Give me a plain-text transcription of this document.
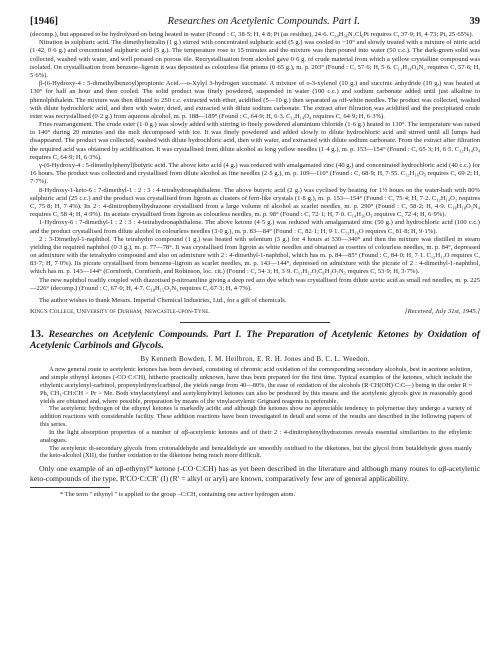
[1946]	Researches on Acetylenic Compounds. Part I.	39

(decomp.), but appeared to be hydrolysed on being heated in water (Found : C, 38·5; H, 4·8; Pt (as residue), 24·6. C₂₄H₃₆N₂Cl₆Pt requires C, 37·9; H, 4·73; Pt, 25·65%).

Nitration in sulphuric acid. The dimethyltetralin (1 g.) stirred with concentrated sulphuric acid (5 g.) was cooled to −10° and slowly treated with a mixture of nitric acid (1·42, 0·6 g.) and concentrated sulphuric acid (5 g.). The temperature rose to 15 minutes and the mixture was then poured into water (50 c.c.). The dark-green solid was collected, washed with water, and well pressed on porous tile. Recrystallisation from alcohol gave 0·6 g. of crude material from which a yellow crystalline compound was isolated. On crystallisation from benzene–ligroin it was deposited as colourless flat prisms (0·65 g.), m. p. 203° (Found : C, 57·6; H, 5·6. C₁₂H₁₄O₄N₂ requires C, 57·6; H, 5·6%).

β-(6-Hydroxy-4 : 5-dimethylbenzoyl)propionic Acid.—o-Xylyl 3-hydrogen succinate. A mixture of o-3-xylenol (10 g.) and succinic anhydride (10 g.) was heated at 130° for half an hour and then cooled. The solid product was finely powdered, suspended in water (100 c.c.) and sodium carbonate added until just alkaline to phenolphthalein. The mixture was then diluted to 250 c.c. extracted with ether, acidified (5—10 g.) then separated as off-white needles. The product was collected, washed with dilute hydrochloric acid, and then with water, dried, and extracted with dilute sodium carbonate. The extract after filtration was acidified and the precipitated crude ester was recrystallised (0·2 g.) from aqueous alcohol, m. p. 188—189° (Found : C, 64·9; H, 6·3. C₁₂H₁₄O₄ requires C, 64·9; H, 6·3%).

Fries rearrangement. The crude ester (1·0 g.) was slowly added with stirring to finely powdered aluminium chloride (1·6 g.) heated to 130°. The temperature was raised to 140° during 20 minutes and the melt decomposed with ice. It was finely powdered and added slowly to dilute hydrochloric acid and stirred until all lumps had disappeared. The product was collected, washed with dilute hydrochloric acid, then with water, and extracted with dilute sodium carbonate. From the extract after filtration the required acid was obtained by acidification. It was crystallised from dilute alcohol as long yellow needles (1·4 g.), m. p. 153—154° (Found : C, 65·3; H, 6·5. C₁₂H₁₄O₄ requires C, 64·9; H, 6·3%).

γ-(6-Hydroxy-4 : 5-dimethylphenyl)butyric acid. The above keto acid (4 g.) was reduced with amalgamated zinc (40 g.) and concentrated hydrochloric acid (40 c.c.) for 16 hours. The product was collected and crystallised from dilute alcohol as fine needles (2·5 g.), m. p. 109—110° (Found : C, 68·9; H, 7·55. C₁₂H₁₆O₃ requires C, 69·2; H, 7·7%).

8-Hydroxy-1-keto-6 : 7-dimethyl-1 : 2 : 3 : 4-tetrahydronaphthalene. The above butyric acid (2 g.) was cyclised by heating for 1½ hours on the water-bath with 80% sulphuric acid (25 c.c.) and the product was crystallised from ligroin as clusters of fern-like crystals (1·8 g.), m. p. 153—154° (Found : C, 75·4; H, 7·2. C₁₂H₁₄O₂ requires C, 75·8; H, 7·4%). Its 2 : 4-dinitrophenylhydrazone crystallised from a large volume of alcohol as scarlet needles, m. p. 290° (Found : C, 58·2; H, 4·9. C₁₈H₁₈O₅N₄ requires C, 58·4; H, 4·9%). Its acetate crystallised from ligroin as colourless needles, m. p. 98° (Found : C, 72·1; H, 7·0. C₁₄H₁₆O₃ requires C, 72·4; H, 6·9%).

1-Hydroxy-6 : 7-dimethyl-1 : 2 : 3 : 4-tetrahydronaphthalene. The above ketone (4·5 g.) was reduced with amalgamated zinc (50 g.) and hydrochloric acid (100 c.c.) and the product crystallised from dilute alcohol in colourless needles (3·0 g.), m. p. 83—84° (Found : C, 82·1; H, 9·1. C₁₂H₁₆O requires C, 81·8; H, 9·1%).

2 : 3-Dimethyl-1-naphthol. The tetrahydro compound (1 g.) was heated with selenium (3 g.) for 4 hours at 330—340° and then the mixture was distilled in steam yielding the required naphthol (0·3 g.), m. p. 77—78°. It was crystallised from ligroin as white needles and obtained as rosettes of colourless needles, m. p. 84°, depressed on admixture with the tetrahydro compound and also on admixture with 2 : 4-dimethyl-1-naphthol, which has m. p. 84—85° (Found : C, 84·0; H, 7·1. C₁₂H₁₂O requires C, 83·7; H, 7·0%). Its picrate crystallised from benzene–ligroin as scarlet needles, m. p. 143—144°, depressed on admixture with the picrate of 2 : 4-dimethyl-1-naphthol, which has m. p. 143—144° (Cornforth, Cornforth, and Robinson, loc. cit.) (Found : C, 54·3; H, 3·9. C₁₂H₁₂O,C₆H₃O₇N₃ requires C, 53·9; H, 3·7%).

The new naphthol readily coupled with diazotised p-nitroaniline giving a deep red azo dye which was crystallised from dilute acetic acid as small red needles, m. p. 225—226° (decomp.) (Found : C, 67·0; H, 4·7. C₁₈H₁₅O₃N₃ requires C, 67·3; H, 4·7%).

The author wishes to thank Messrs. Imperial Chemical Industries, Ltd., for a gift of chemicals.

King's College, University of Durham, Newcastle-upon-Tyne.	[Received, July 31st, 1945.]
13. Researches on Acetylenic Compounds. Part I. The Preparation of Acetylenic Ketones by Oxidation of Acetylenic Carbinols and Glycols.
By Kenneth Bowden, I. M. Heilbron, E. R. H. Jones and B. C. L. Weedon.

A new general route to acetylenic ketones has been devised, consisting of chromic acid oxidation of the corresponding secondary alcohols, best in acetone solution, and simple ethynyl ketones (-CO·C:CH), hitherto practically unknown, have thus been prepared for the first time. Typical examples of the ketones, which include the ethylenic acetylenyl-carbinol, propenylethynylcarbinol, the yields range from 40—80%, the ease of oxidation of the alcohols (R·CH(OH)·C:C—) being in the order R = Ph, CH₃·CH:CH > Pr > Me. Both vinylacetylenyl and acetylenylvinyl ketones can also be produced by this means and the acetylenic glycols give in reasonably good yields are obtained and, where possible, preparation by means of the vinylacetylenic Grignard reagents is preferable.

The acetylenic hydrogen of the ethynyl ketones is markedly acidic and although the ketones show no appreciable tendency to polymerise they undergo a variety of addition reactions with considerable facility. These addition reactions have been investigated in detail and some of the results are described in the following papers of this series.

In the light absorption properties of a number of αβ-acetylenic ketones and of their 2 : 4-dinitrophenylhydrazones reveals essential similarities to the ethylenic analogues.

The acetylenic di-secondary glycols from crotonaldehyde and benzaldehyde are smoothly oxidised to the diketones, but the glycol from butaldehyde gives mainly the keto-alcohol (XII), the further oxidation to the diketone being much more difficult.

Only one example of an αβ-ethynyl* ketone (-CO·C:CH) has as yet been described in the literature and although many routes to αβ-acetylenic keto-compounds of the type, R'CO·C:CR' (I) (R' = alkyl or aryl) are known, comparatively few are of general applicability.

* The term " ethynyl " is applied to the group –C:CH, containing one active hydrogen atom.
